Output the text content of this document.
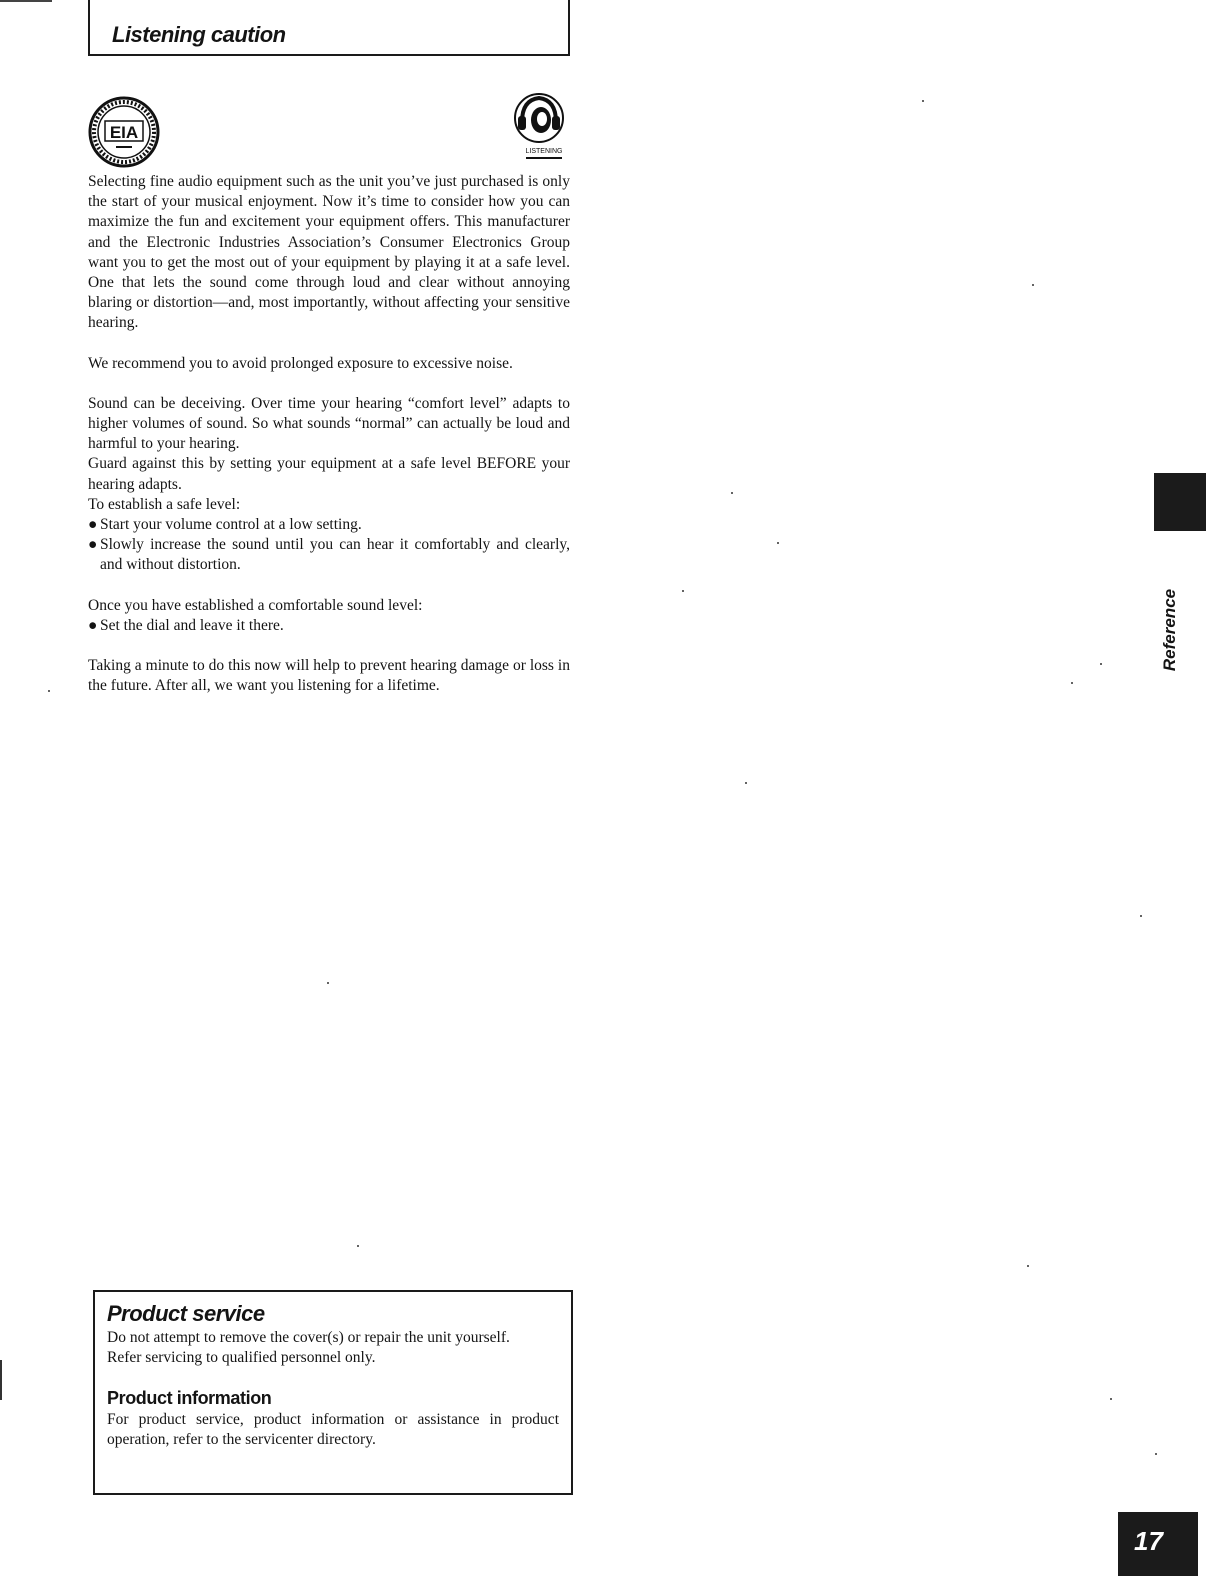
Listening caution
EIA
LISTENING

Selecting fine audio equipment such as the unit you’ve just purchased is only the start of your musical enjoyment. Now it’s time to consider how you can maximize the fun and excitement your equipment offers. This manufacturer and the Electronic Industries Association’s Consumer Electronics Group want you to get the most out of your equipment by playing it at a safe level. One that lets the sound come through loud and clear without annoying blaring or distortion—and, most importantly, without affecting your sensitive hearing.

We recommend you to avoid prolonged exposure to excessive noise.

Sound can be deceiving. Over time your hearing “comfort level” adapts to higher volumes of sound. So what sounds “normal” can actually be loud and harmful to your hearing.

Guard against this by setting your equipment at a safe level BEFORE your hearing adapts.

To establish a safe level:

● Start your volume control at a low setting.
● Slowly increase the sound until you can hear it comfortably and clearly, and without distortion.

Once you have established a comfortable sound level:

● Set the dial and leave it there.

Taking a minute to do this now will help to prevent hearing damage or loss in the future. After all, we want you listening for a lifetime.

Reference
Product service

Do not attempt to remove the cover(s) or repair the unit yourself.

Refer servicing to qualified personnel only.

Product information

For product service, product information or assistance in product operation, refer to the servicenter directory.

17
